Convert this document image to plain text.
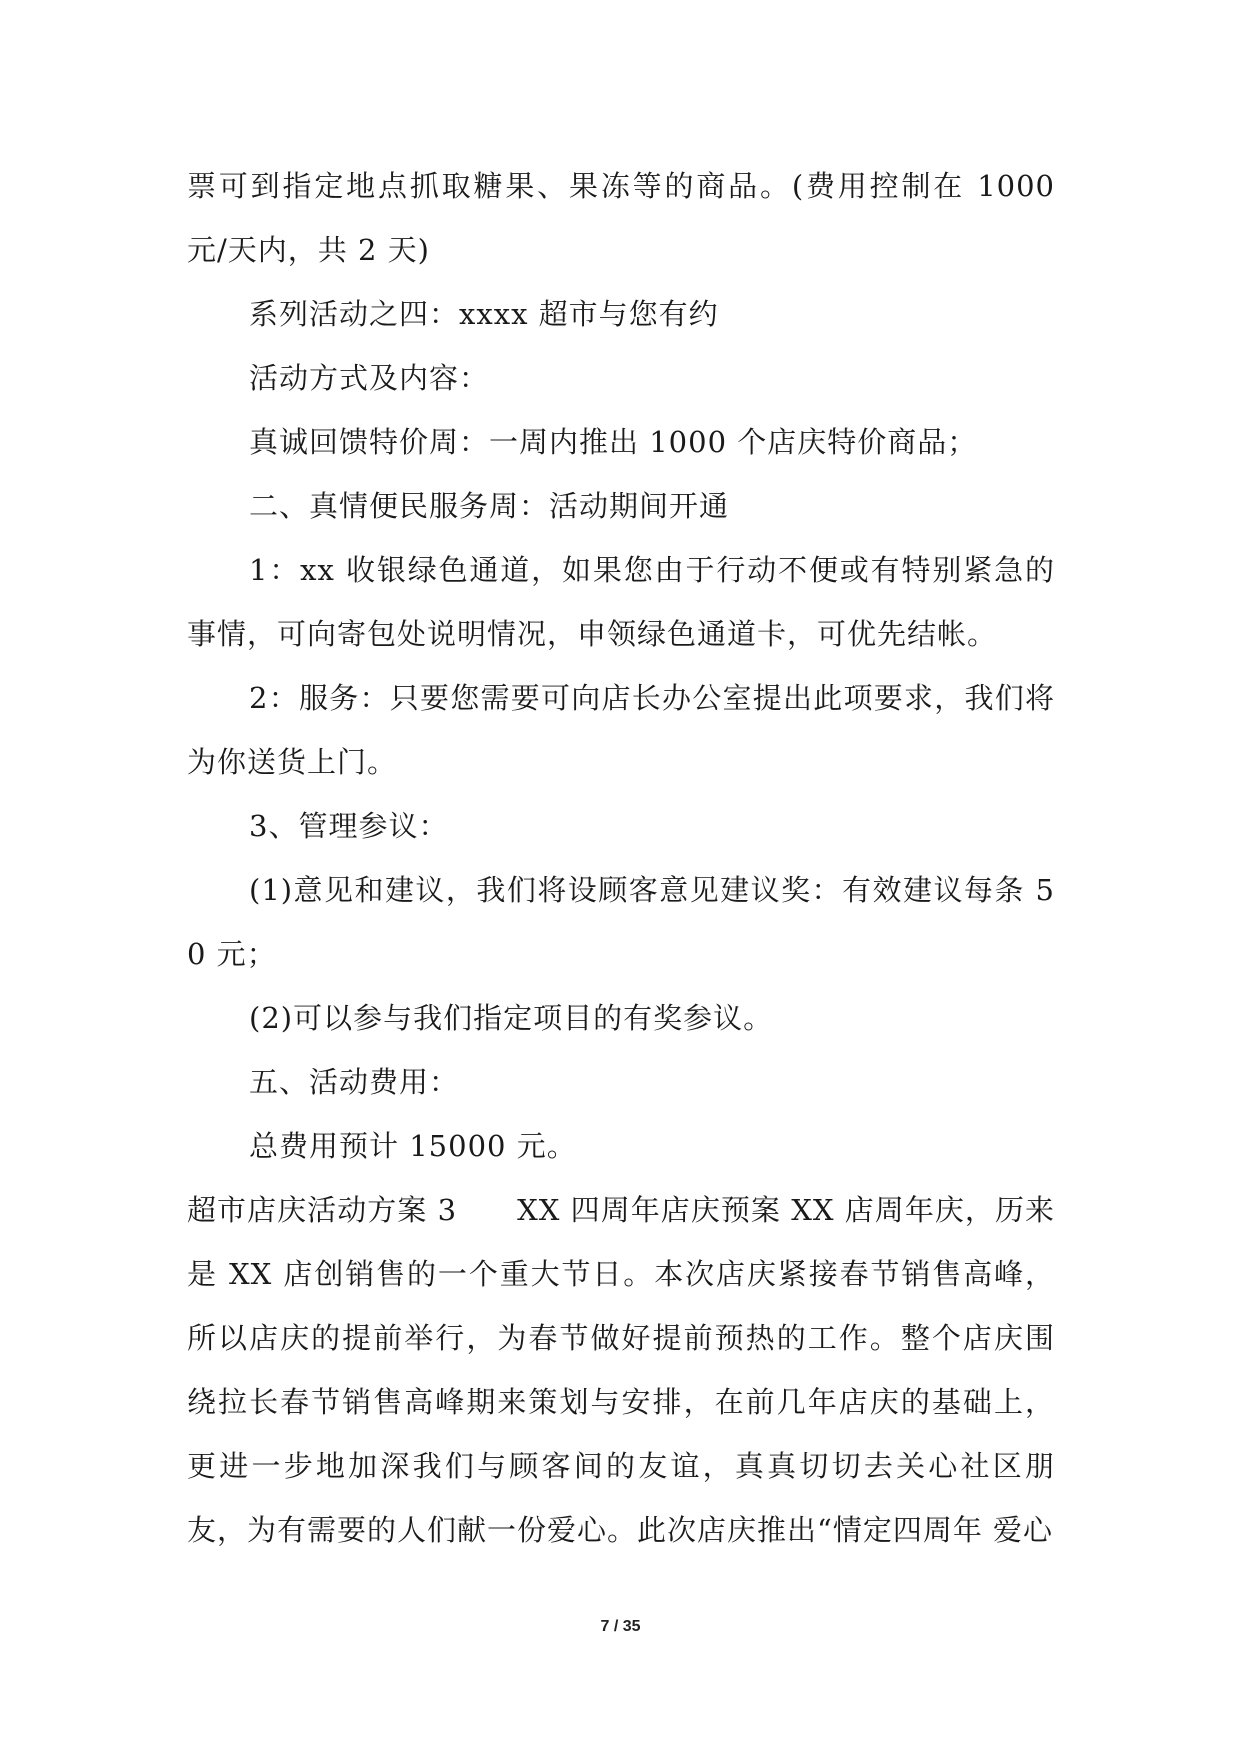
票可到指定地点抓取糖果、果冻等的商品。(费用控制在 1000 元/天内，共 2 天)

系列活动之四：xxxx 超市与您有约

活动方式及内容：

真诚回馈特价周：一周内推出 1000 个店庆特价商品；

二、真情便民服务周：活动期间开通

1：xx 收银绿色通道，如果您由于行动不便或有特别紧急的事情，可向寄包处说明情况，申领绿色通道卡，可优先结帐。

2：服务：只要您需要可向店长办公室提出此项要求，我们将为你送货上门。

3、管理参议：

(1)意见和建议，我们将设顾客意见建议奖：有效建议每条 50 元；

(2)可以参与我们指定项目的有奖参议。

五、活动费用：

总费用预计 15000 元。

超市店庆活动方案 3　　XX 四周年店庆预案 XX 店周年庆，历来是 XX 店创销售的一个重大节日。本次店庆紧接春节销售高峰，所以店庆的提前举行，为春节做好提前预热的工作。整个店庆围绕拉长春节销售高峰期来策划与安排，在前几年店庆的基础上，更进一步地加深我们与顾客间的友谊，真真切切去关心社区朋友，为有需要的人们献一份爱心。此次店庆推出“情定四周年 爱心

7 / 35
